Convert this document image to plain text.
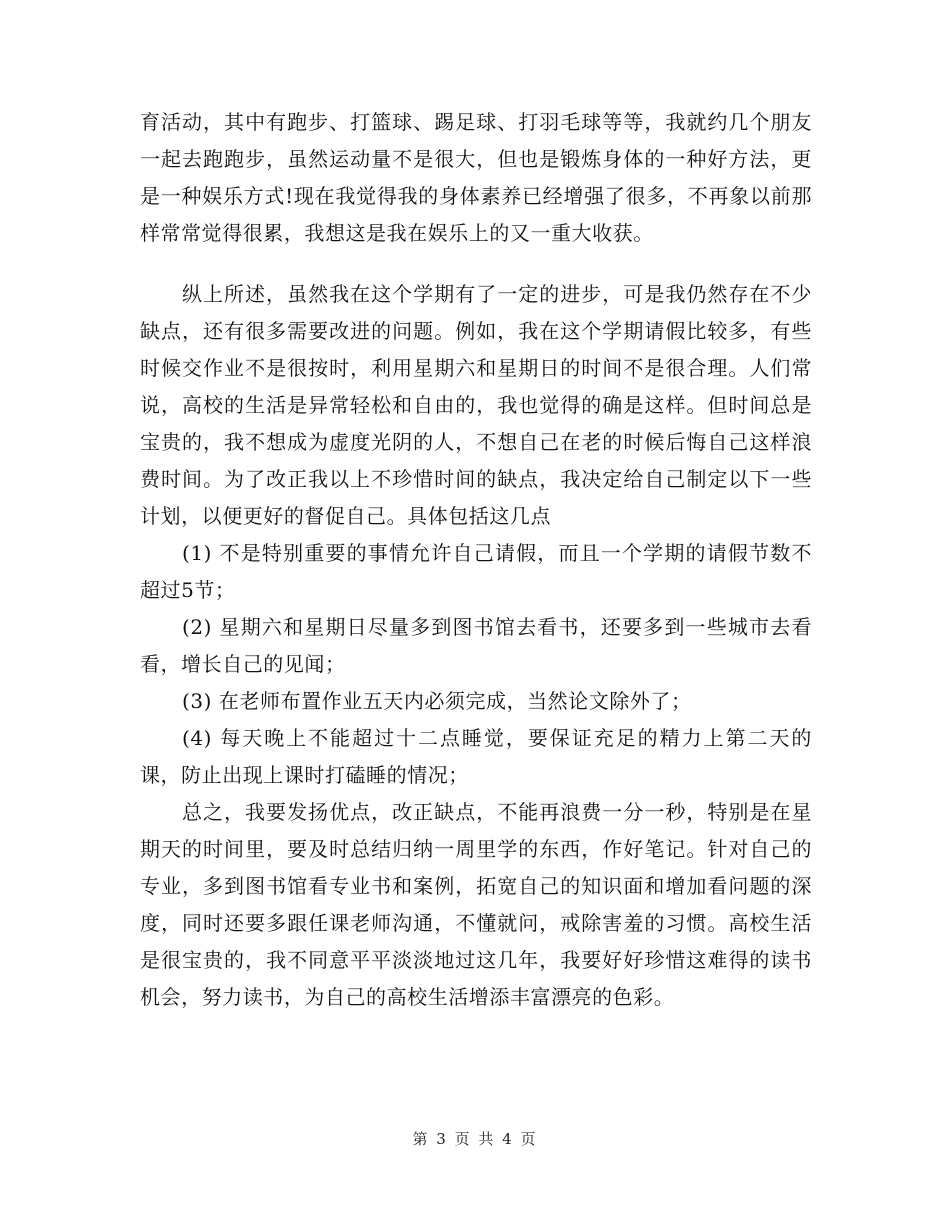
育活动，其中有跑步、打篮球、踢足球、打羽毛球等等，我就约几个朋友一起去跑跑步，虽然运动量不是很大，但也是锻炼身体的一种好方法，更是一种娱乐方式!现在我觉得我的身体素养已经增强了很多，不再象以前那样常常觉得很累，我想这是我在娱乐上的又一重大收获。

纵上所述，虽然我在这个学期有了一定的进步，可是我仍然存在不少缺点，还有很多需要改进的问题。例如，我在这个学期请假比较多，有些时候交作业不是很按时，利用星期六和星期日的时间不是很合理。人们常说，高校的生活是异常轻松和自由的，我也觉得的确是这样。但时间总是宝贵的，我不想成为虚度光阴的人，不想自己在老的时候后悔自己这样浪费时间。为了改正我以上不珍惜时间的缺点，我决定给自己制定以下一些计划，以便更好的督促自己。具体包括这几点

(1) 不是特别重要的事情允许自己请假，而且一个学期的请假节数不超过5节；

(2) 星期六和星期日尽量多到图书馆去看书，还要多到一些城市去看看，增长自己的见闻；

(3) 在老师布置作业五天内必须完成，当然论文除外了；

(4) 每天晚上不能超过十二点睡觉，要保证充足的精力上第二天的课，防止出现上课时打磕睡的情况；

总之，我要发扬优点，改正缺点，不能再浪费一分一秒，特别是在星期天的时间里，要及时总结归纳一周里学的东西，作好笔记。针对自己的专业，多到图书馆看专业书和案例，拓宽自己的知识面和增加看问题的深度，同时还要多跟任课老师沟通，不懂就问，戒除害羞的习惯。高校生活是很宝贵的，我不同意平平淡淡地过这几年，我要好好珍惜这难得的读书机会，努力读书，为自己的高校生活增添丰富漂亮的色彩。

第 3 页 共 4 页
